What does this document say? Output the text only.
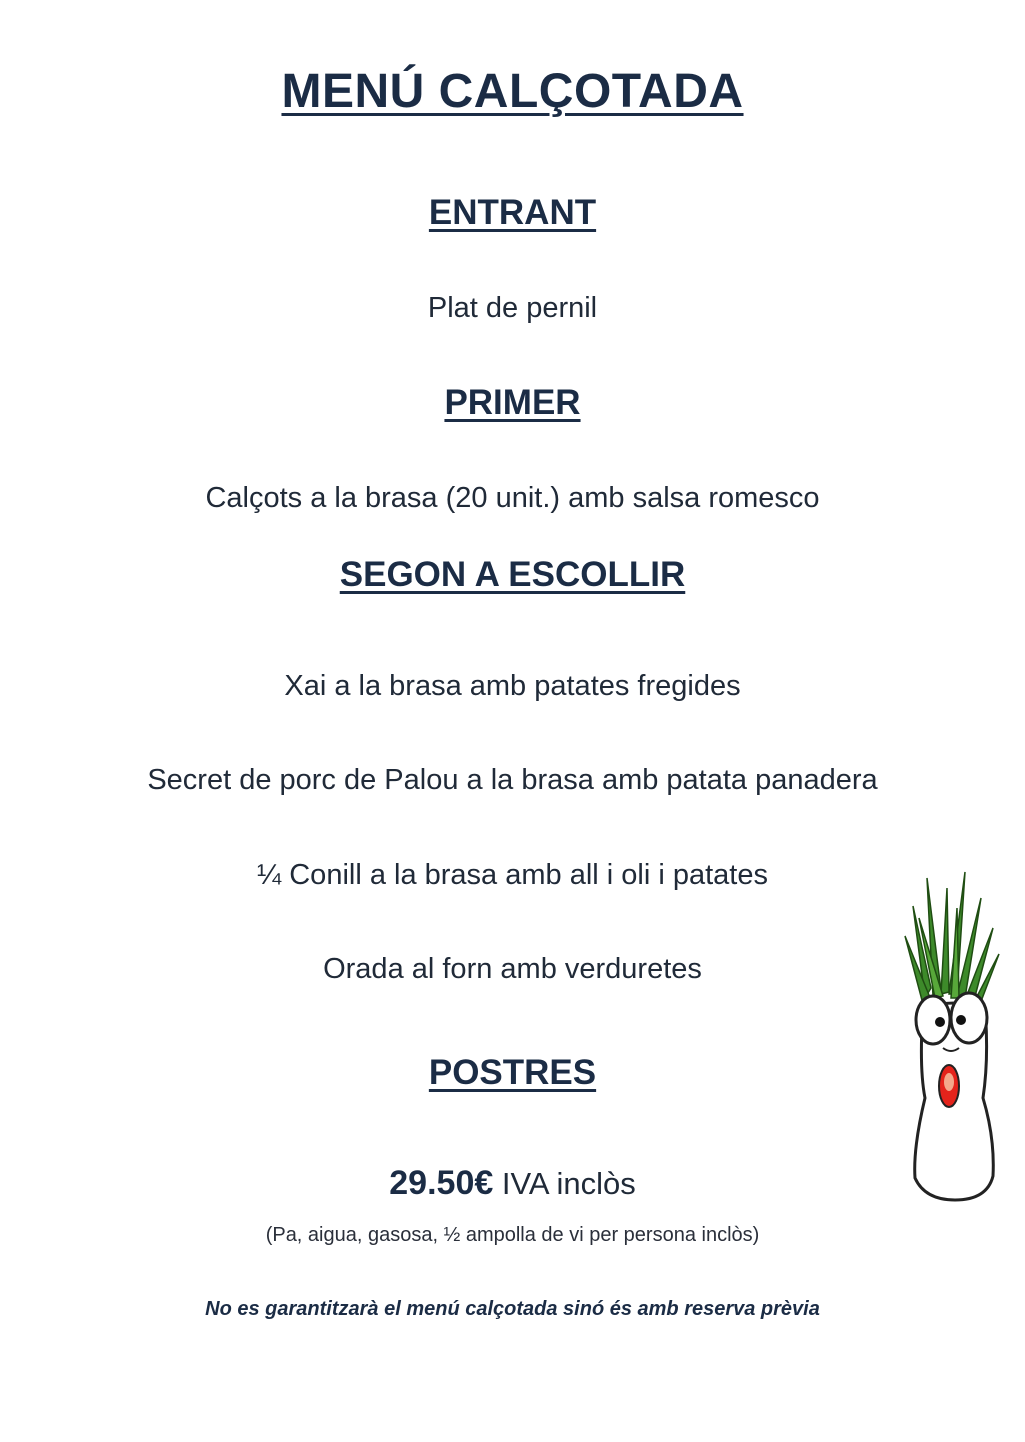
MENÚ CALÇOTADA
ENTRANT
Plat de pernil
PRIMER
Calçots a la brasa (20 unit.) amb salsa romesco
SEGON A ESCOLLIR
Xai a la brasa amb patates fregides
Secret de porc de Palou a la brasa amb patata panadera
¼ Conill a la brasa amb all i oli i patates
Orada al forn amb verduretes
POSTRES
29.50€ IVA inclòs
(Pa, aigua, gasosa, ½ ampolla de vi per persona inclòs)
No es garantitzarà el menú calçotada sinó és amb reserva prèvia
